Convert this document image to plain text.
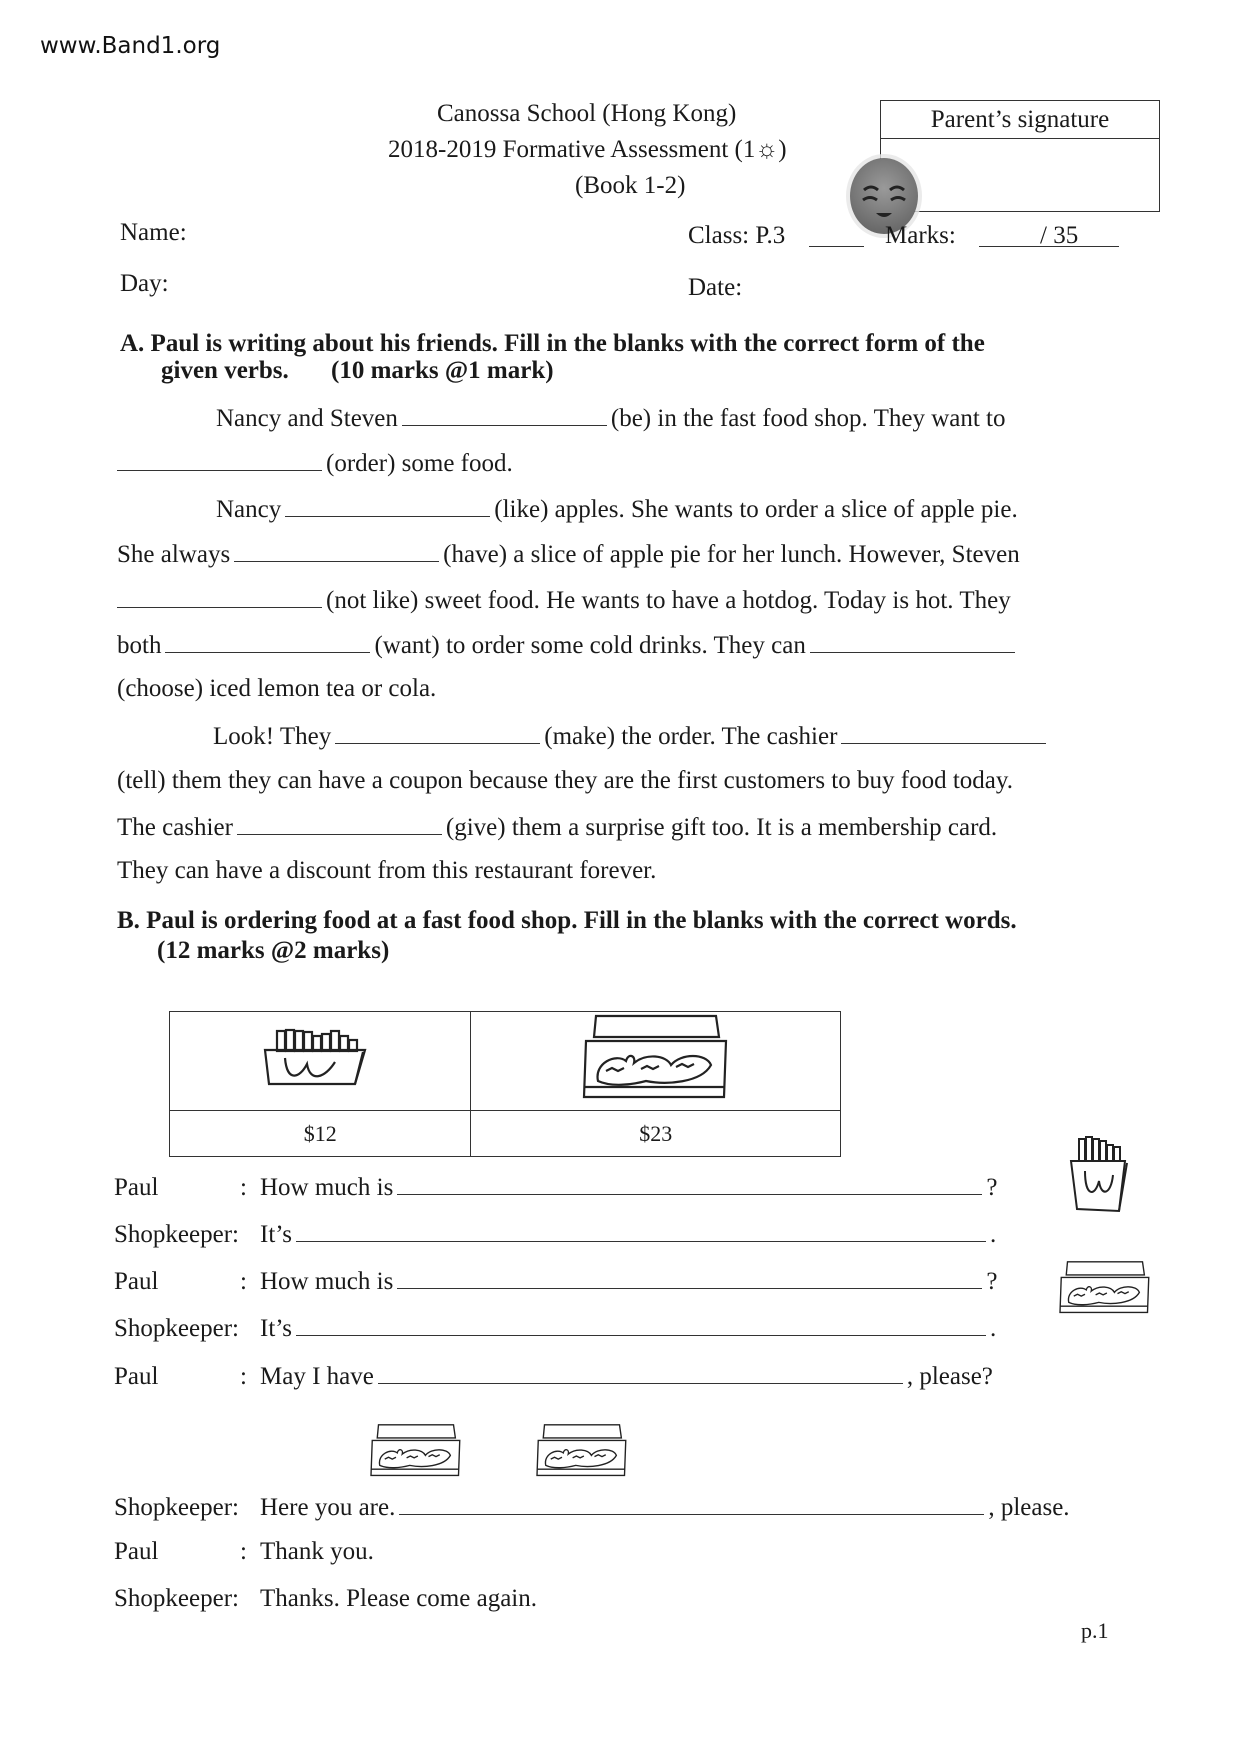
www.Band1.org
Canossa School (Hong Kong)
2018-2019 Formative Assessment (1☼)
(Book 1-2)
Parent’s signature
Name:	Class: P.3	Marks:	/ 35
Day:	Date:
A. Paul is writing about his friends. Fill in the blanks with the correct form of the
given verbs. (10 marks @1 mark)
Nancy and Steven	(be) in the fast food shop. They want to
(order) some food.
Nancy	(like) apples. She wants to order a slice of apple pie.
She always	(have) a slice of apple pie for her lunch. However, Steven
(not like) sweet food. He wants to have a hotdog. Today is hot. They
both	(want) to order some cold drinks. They can
(choose) iced lemon tea or cola.
Look! They	(make) the order. The cashier
(tell) them they can have a coupon because they are the first customers to buy food today.
The cashier	(give) them a surprise gift too. It is a membership card.
They can have a discount from this restaurant forever.
B. Paul is ordering food at a fast food shop. Fill in the blanks with the correct words.
(12 marks @2 marks)

$12	$23
Paul	: How much is	?
Shopkeeper: It’s	.
Paul	: How much is	?
Shopkeeper: It’s	.
Paul	: May I have	, please?
Shopkeeper: Here you are.	, please.
Paul	: Thank you.
Shopkeeper: Thanks. Please come again.
p.1
